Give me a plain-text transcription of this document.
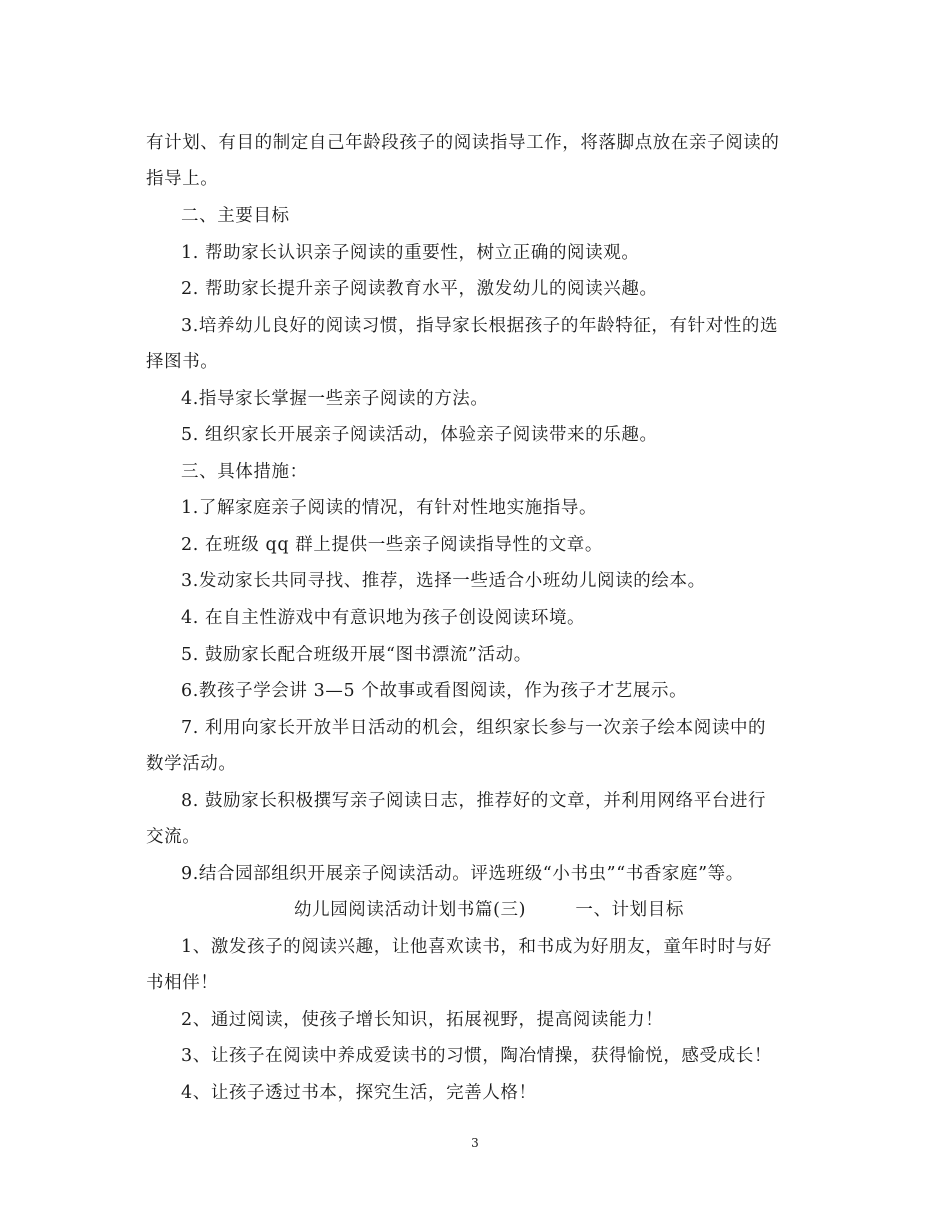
有计划、有目的制定自己年龄段孩子的阅读指导工作，将落脚点放在亲子阅读的
指导上。
二、主要目标
1. 帮助家长认识亲子阅读的重要性，树立正确的阅读观。
2. 帮助家长提升亲子阅读教育水平，激发幼儿的阅读兴趣。
3.培养幼儿良好的阅读习惯，指导家长根据孩子的年龄特征，有针对性的选
择图书。
4.指导家长掌握一些亲子阅读的方法。
5. 组织家长开展亲子阅读活动，体验亲子阅读带来的乐趣。
三、具体措施：
1.了解家庭亲子阅读的情况，有针对性地实施指导。
2. 在班级 qq 群上提供一些亲子阅读指导性的文章。
3.发动家长共同寻找、推荐，选择一些适合小班幼儿阅读的绘本。
4. 在自主性游戏中有意识地为孩子创设阅读环境。
5. 鼓励家长配合班级开展“图书漂流”活动。
6.教孩子学会讲 3—5 个故事或看图阅读，作为孩子才艺展示。
7. 利用向家长开放半日活动的机会，组织家长参与一次亲子绘本阅读中的
数学活动。
8. 鼓励家长积极撰写亲子阅读日志，推荐好的文章，并利用网络平台进行
交流。
9.结合园部组织开展亲子阅读活动。评选班级“小书虫”“书香家庭”等。
幼儿园阅读活动计划书篇(三)        一、计划目标
1、激发孩子的阅读兴趣，让他喜欢读书，和书成为好朋友，童年时时与好
书相伴！
2、通过阅读，使孩子增长知识，拓展视野，提高阅读能力！
3、让孩子在阅读中养成爱读书的习惯，陶冶情操，获得愉悦，感受成长！
4、让孩子透过书本，探究生活，完善人格！
3
